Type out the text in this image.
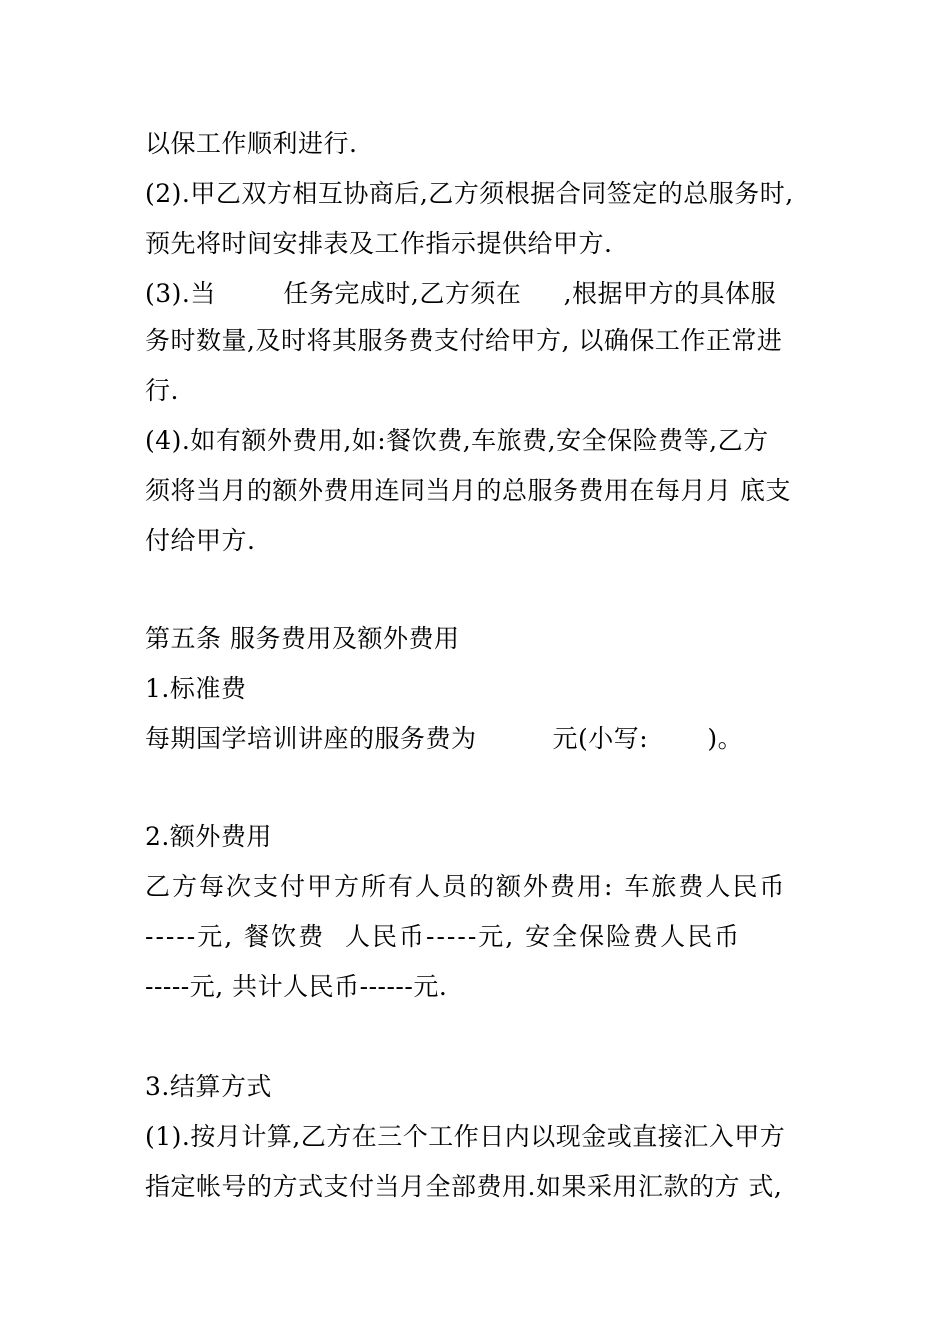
以保工作顺利进行.
(2).甲乙双方相互协商后,乙方须根据合同签定的总服务时,
预先将时间安排表及工作指示提供给甲方.
(3).当        任务完成时,乙方须在     ,根据甲方的具体服
务时数量,及时将其服务费支付给甲方, 以确保工作正常进
行.
(4).如有额外费用,如:餐饮费,车旅费,安全保险费等,乙方
须将当月的额外费用连同当月的总服务费用在每月月 底支
付给甲方.
第五条 服务费用及额外费用
1.标准费
每期国学培训讲座的服务费为         元(小写:       )。
2.额外费用
乙方每次支付甲方所有人员的额外费用: 车旅费人民币
-----元, 餐饮费  人民币-----元, 安全保险费人民币
-----元, 共计人民币------元.
3.结算方式
(1).按月计算,乙方在三个工作日内以现金或直接汇入甲方
指定帐号的方式支付当月全部费用.如果采用汇款的方 式,
